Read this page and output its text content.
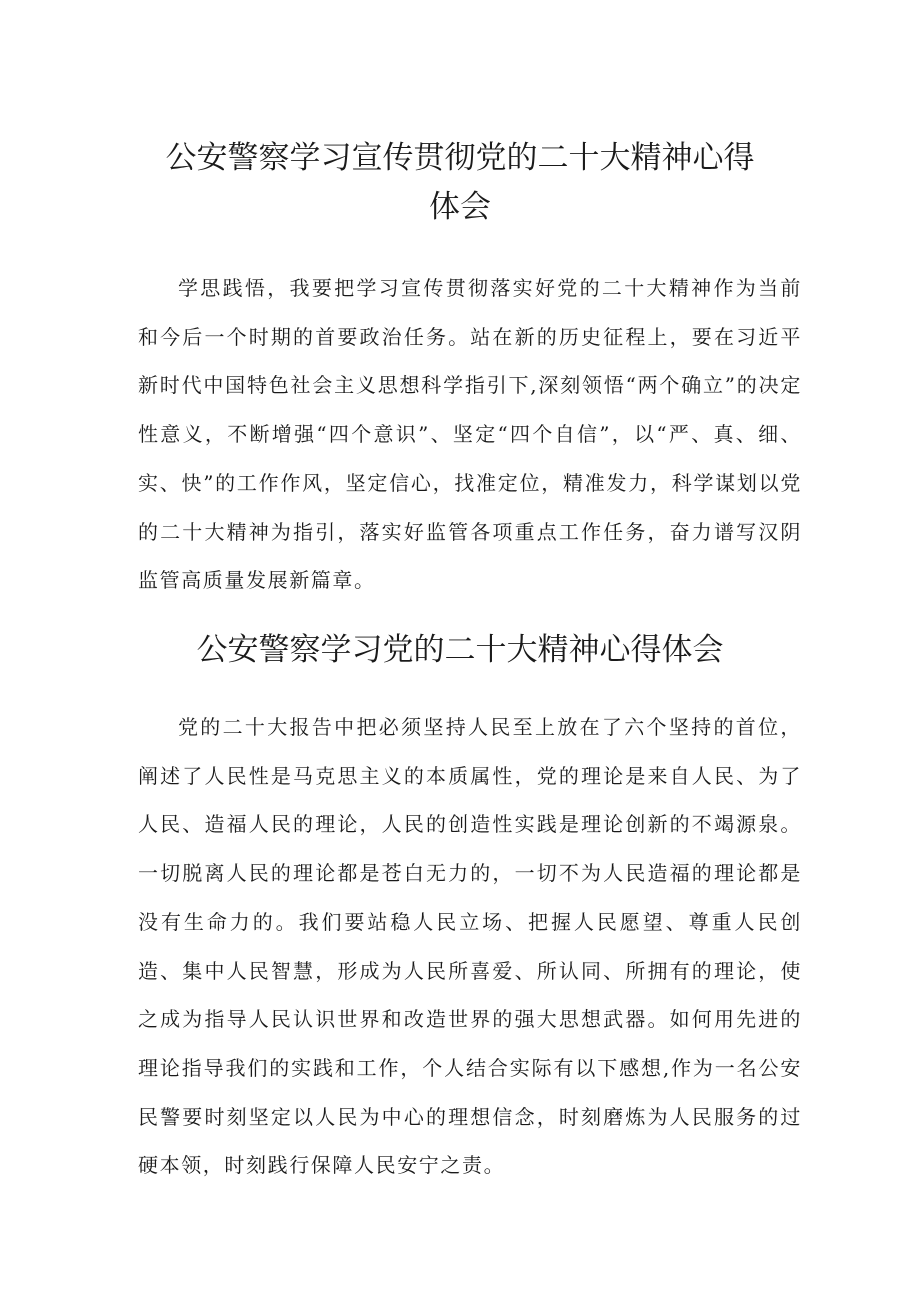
公安警察学习宣传贯彻党的二十大精神心得
体会

学思践悟，我要把学习宣传贯彻落实好党的二十大精神作为当前和今后一个时期的首要政治任务。站在新的历史征程上，要在习近平新时代中国特色社会主义思想科学指引下,深刻领悟“两个确立”的决定性意义，不断增强“四个意识”、坚定“四个自信”，以“严、真、细、实、快”的工作作风，坚定信心，找准定位，精准发力，科学谋划以党的二十大精神为指引，落实好监管各项重点工作任务，奋力谱写汉阴监管高质量发展新篇章。

公安警察学习党的二十大精神心得体会

党的二十大报告中把必须坚持人民至上放在了六个坚持的首位，阐述了人民性是马克思主义的本质属性，党的理论是来自人民、为了人民、造福人民的理论，人民的创造性实践是理论创新的不竭源泉。一切脱离人民的理论都是苍白无力的，一切不为人民造福的理论都是没有生命力的。我们要站稳人民立场、把握人民愿望、尊重人民创造、集中人民智慧，形成为人民所喜爱、所认同、所拥有的理论，使之成为指导人民认识世界和改造世界的强大思想武器。如何用先进的理论指导我们的实践和工作，个人结合实际有以下感想,作为一名公安民警要时刻坚定以人民为中心的理想信念，时刻磨炼为人民服务的过硬本领，时刻践行保障人民安宁之责。
